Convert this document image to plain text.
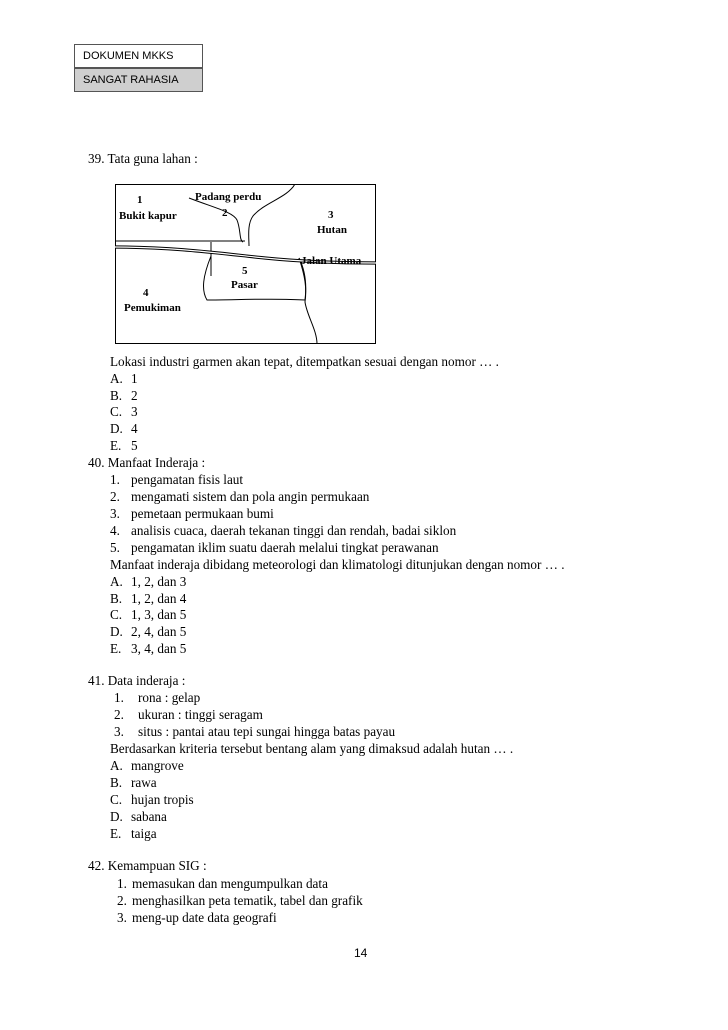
DOKUMEN MKKS
SANGAT RAHASIA
39. Tata guna lahan :
1
Bukit kapur
Padang perdu
2	3
Hutan
Jalan Utama
5
Pasar
4
Pemukiman
Lokasi industri garmen akan tepat, ditempatkan sesuai dengan nomor … .
A. 1
B. 2
C. 3
D. 4
E. 5
40. Manfaat Inderaja :
1. pengamatan fisis laut
2. mengamati sistem dan pola angin permukaan
3. pemetaan permukaan bumi
4. analisis cuaca, daerah tekanan tinggi dan rendah, badai siklon
5. pengamatan iklim suatu daerah melalui tingkat perawanan
Manfaat inderaja dibidang meteorologi dan klimatologi ditunjukan dengan nomor … .
A. 1, 2, dan 3
B. 1, 2, dan 4
C. 1, 3, dan 5
D. 2, 4, dan 5
E. 3, 4, dan 5
41. Data inderaja :
1. rona : gelap
2. ukuran : tinggi seragam
3. situs : pantai atau tepi sungai hingga batas payau
Berdasarkan kriteria tersebut bentang alam yang dimaksud adalah hutan … .
A. mangrove
B. rawa
C. hujan tropis
D. sabana
E. taiga
42. Kemampuan SIG :
1. memasukan dan mengumpulkan data
2. menghasilkan peta tematik, tabel dan grafik
3. meng-up date data geografi
14
